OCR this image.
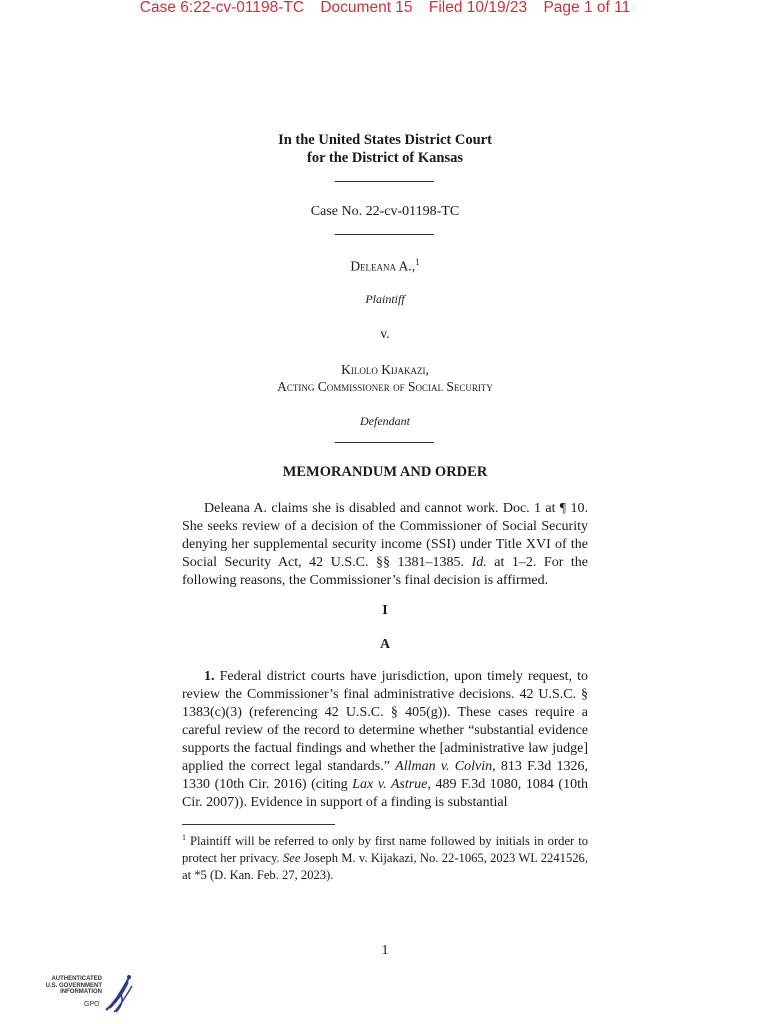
Case 6:22-cv-01198-TC Document 15 Filed 10/19/23 Page 1 of 11
In the United States District Court
for the District of Kansas
Case No. 22-cv-01198-TC
Deleana A.,$^1$
Plaintiff
v.
Kilolo Kijakazi,
Acting Commissioner of Social Security
Defendant
MEMORANDUM AND ORDER

Deleana A. claims she is disabled and cannot work. Doc. 1 at ¶ 10. She seeks review of a decision of the Commissioner of Social Security denying her supplemental security income (SSI) under Title XVI of the Social Security Act, 42 U.S.C. §§ 1381–1385. Id. at 1–2. For the following reasons, the Commissioner’s final decision is affirmed.

I
A

1. Federal district courts have jurisdiction, upon timely request, to review the Commissioner’s final administrative decisions. 42 U.S.C. § 1383(c)(3) (referencing 42 U.S.C. § 405(g)). These cases require a careful review of the record to determine whether “substantial evidence supports the factual findings and whether the [administrative law judge] applied the correct legal standards.” Allman v. Colvin, 813 F.3d 1326, 1330 (10th Cir. 2016) (citing Lax v. Astrue, 489 F.3d 1080, 1084 (10th Cir. 2007)). Evidence in support of a finding is substantial

$^1$ Plaintiff will be referred to only by first name followed by initials in order to protect her privacy. See Joseph M. v. Kijakazi, No. 22-1065, 2023 WL 2241526, at *5 (D. Kan. Feb. 27, 2023).
1
AUTHENTICATED
U.S. GOVERNMENT
INFORMATION
GPO
